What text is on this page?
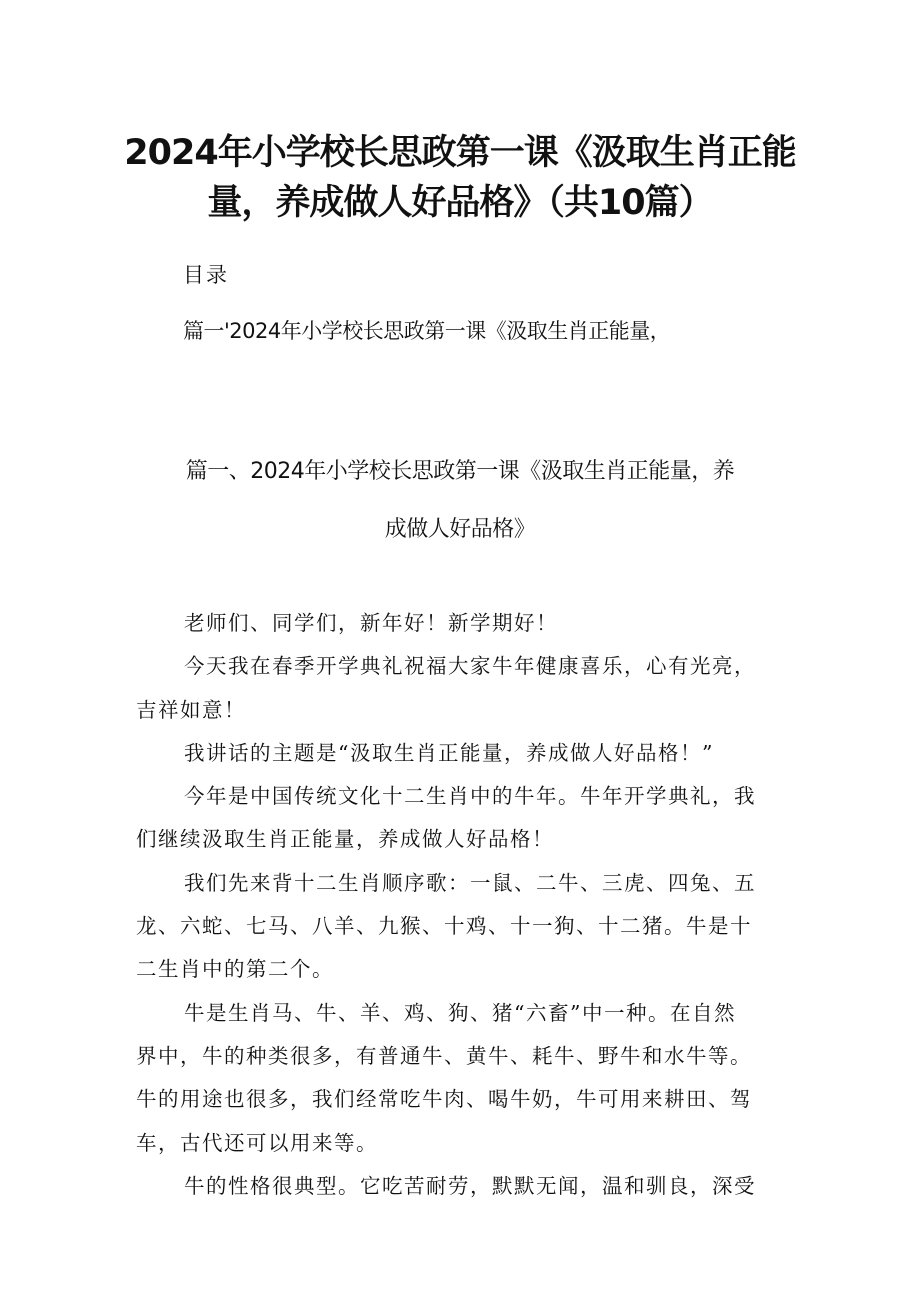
2024年小学校长思政第一课《汲取生肖正能
量，养成做人好品格》（共10篇）
目录
篇一'2024年小学校长思政第一课《汲取生肖正能量，
篇一、2024年小学校长思政第一课《汲取生肖正能量，养
成做人好品格》
老师们、同学们，新年好！新学期好！
今天我在春季开学典礼祝福大家牛年健康喜乐，心有光亮，
吉祥如意！
我讲话的主题是“汲取生肖正能量，养成做人好品格！”
今年是中国传统文化十二生肖中的牛年。牛年开学典礼，我
们继续汲取生肖正能量，养成做人好品格！
我们先来背十二生肖顺序歌：一鼠、二牛、三虎、四兔、五
龙、六蛇、七马、八羊、九猴、十鸡、十一狗、十二猪。牛是十
二生肖中的第二个。
牛是生肖马、牛、羊、鸡、狗、猪“六畜”中一种。在自然
界中，牛的种类很多，有普通牛、黄牛、耗牛、野牛和水牛等。
牛的用途也很多，我们经常吃牛肉、喝牛奶，牛可用来耕田、驾
车，古代还可以用来等。
牛的性格很典型。它吃苦耐劳，默默无闻，温和驯良，深受
